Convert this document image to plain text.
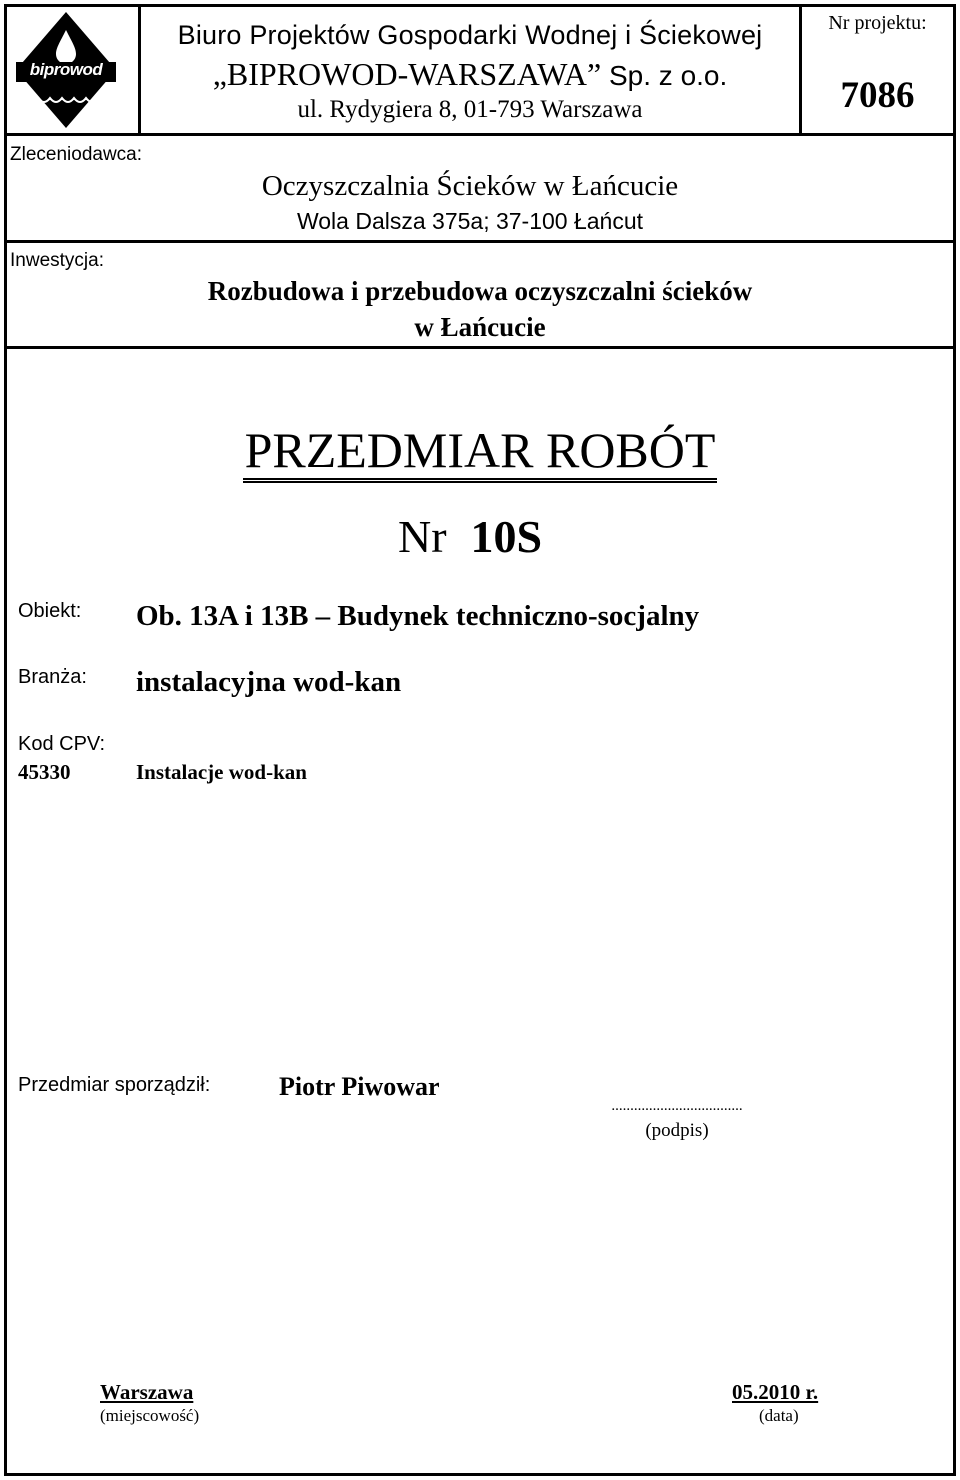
biprowod
Biuro Projektów Gospodarki Wodnej i Ściekowej
„BIPROWOD-WARSZAWA” Sp. z o.o.
ul. Rydygiera 8, 01-793 Warszawa
Nr projektu:
7086
Zleceniodawca:
Oczyszczalnia Ścieków w Łańcucie
Wola Dalsza 375a; 37-100 Łańcut
Inwestycja:
Rozbudowa i przebudowa oczyszczalni ścieków
w Łańcucie
PRZEDMIAR ROBÓT
Nr 10S
Obiekt: Ob. 13A i 13B – Budynek techniczno-socjalny
Branża: instalacyjna wod-kan
Kod CPV:
45330	Instalacje wod-kan
Przedmiar sporządził:	Piotr Piwowar
...................................
(podpis)
Warszawa
(miejscowość)
05.2010 r.
(data)
